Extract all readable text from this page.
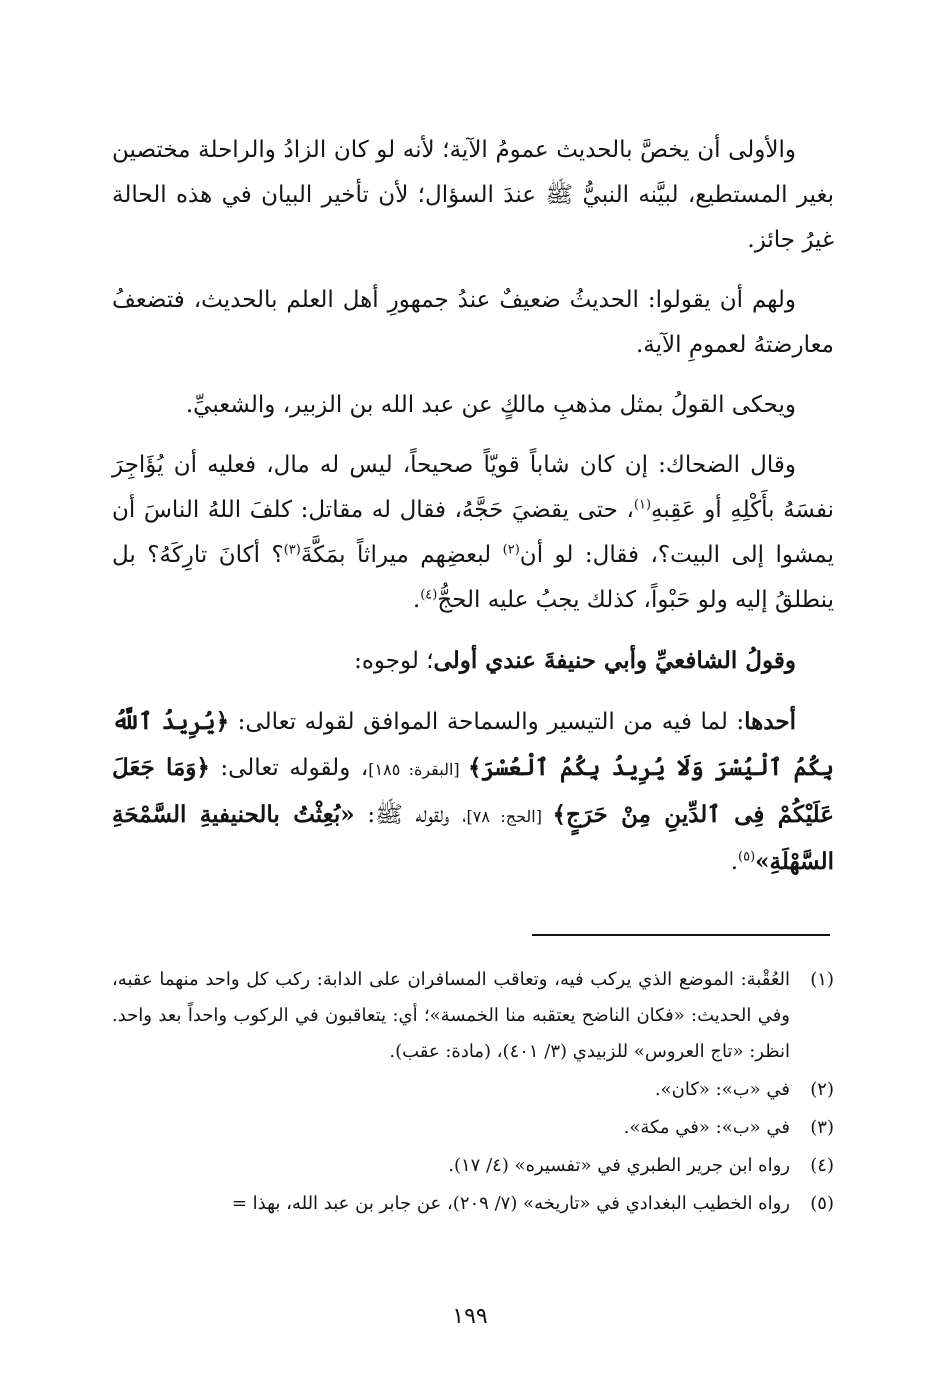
والأولى أن يخصَّ بالحديث عمومُ الآية؛ لأنه لو كان الزادُ والراحلة مختصين بغير المستطيع، لبيَّنه النبيُّ ﷺ عندَ السؤال؛ لأن تأخير البيان في هذه الحالة غيرُ جائز.

ولهم أن يقولوا: الحديثُ ضعيفٌ عندُ جمهورِ أهل العلم بالحديث، فتضعفُ معارضتهُ لعمومِ الآية.

ويحكى القولُ بمثل مذهبِ مالكٍ عن عبد الله بن الزبير، والشعبيِّ.

وقال الضحاك: إن كان شاباً قويّاً صحيحاً، ليس له مال، فعليه أن يُؤَاجِرَ نفسَهُ بأَكْلِهِ أو عَقِبهِ$^{(١)}$، حتى يقضيَ حَجَّهُ، فقال له مقاتل: كلفَ اللهُ الناسَ أن يمشوا إلى البيت؟، فقال: لو أن$^{(٢)}$ لبعضِهم ميراثاً بمَكَّةَ$^{(٣)}$؟ أكانَ تارِكَهُ؟ بل ينطلقُ إليه ولو حَبْواً، كذلك يجبُ عليه الحجُّ$^{(٤)}$.

وقولُ الشافعيِّ وأبي حنيفةَ عندي أولى؛ لوجوه:

أحدها: لما فيه من التيسير والسماحة الموافق لقوله تعالى: ﴿يُرِيدُ ٱللَّهُ بِكُمُ ٱلْيُسْرَ وَلَا يُرِيدُ بِكُمُ ٱلْعُسْرَ﴾ [البقرة: ١٨٥]، ولقوله تعالى: ﴿وَمَا جَعَلَ عَلَيْكُمْ فِى ٱلدِّينِ مِنْ حَرَجٍ﴾ [الحج: ٧٨]، ولقوله ﷺ: «بُعِثْتُ بالحنيفيةِ السَّمْحَةِ السَّهْلَةِ»$^{(٥)}$.

(١)
العُقْبة: الموضع الذي يركب فيه، وتعاقب المسافران على الدابة: ركب كل واحد منهما عقبه، وفي الحديث: «فكان الناضح يعتقبه منا الخمسة»؛ أي: يتعاقبون في الركوب واحداً بعد واحد. انظر: «تاج العروس» للزبيدي (٣/ ٤٠١)، (مادة: عقب).
(٢)
في «ب»: «كان».
(٣)
في «ب»: «في مكة».
(٤)
رواه ابن جرير الطبري في «تفسيره» (٤/ ١٧).
(٥)
رواه الخطيب البغدادي في «تاريخه» (٧/ ٢٠٩)، عن جابر بن عبد الله، بهذا =
١٩٩
